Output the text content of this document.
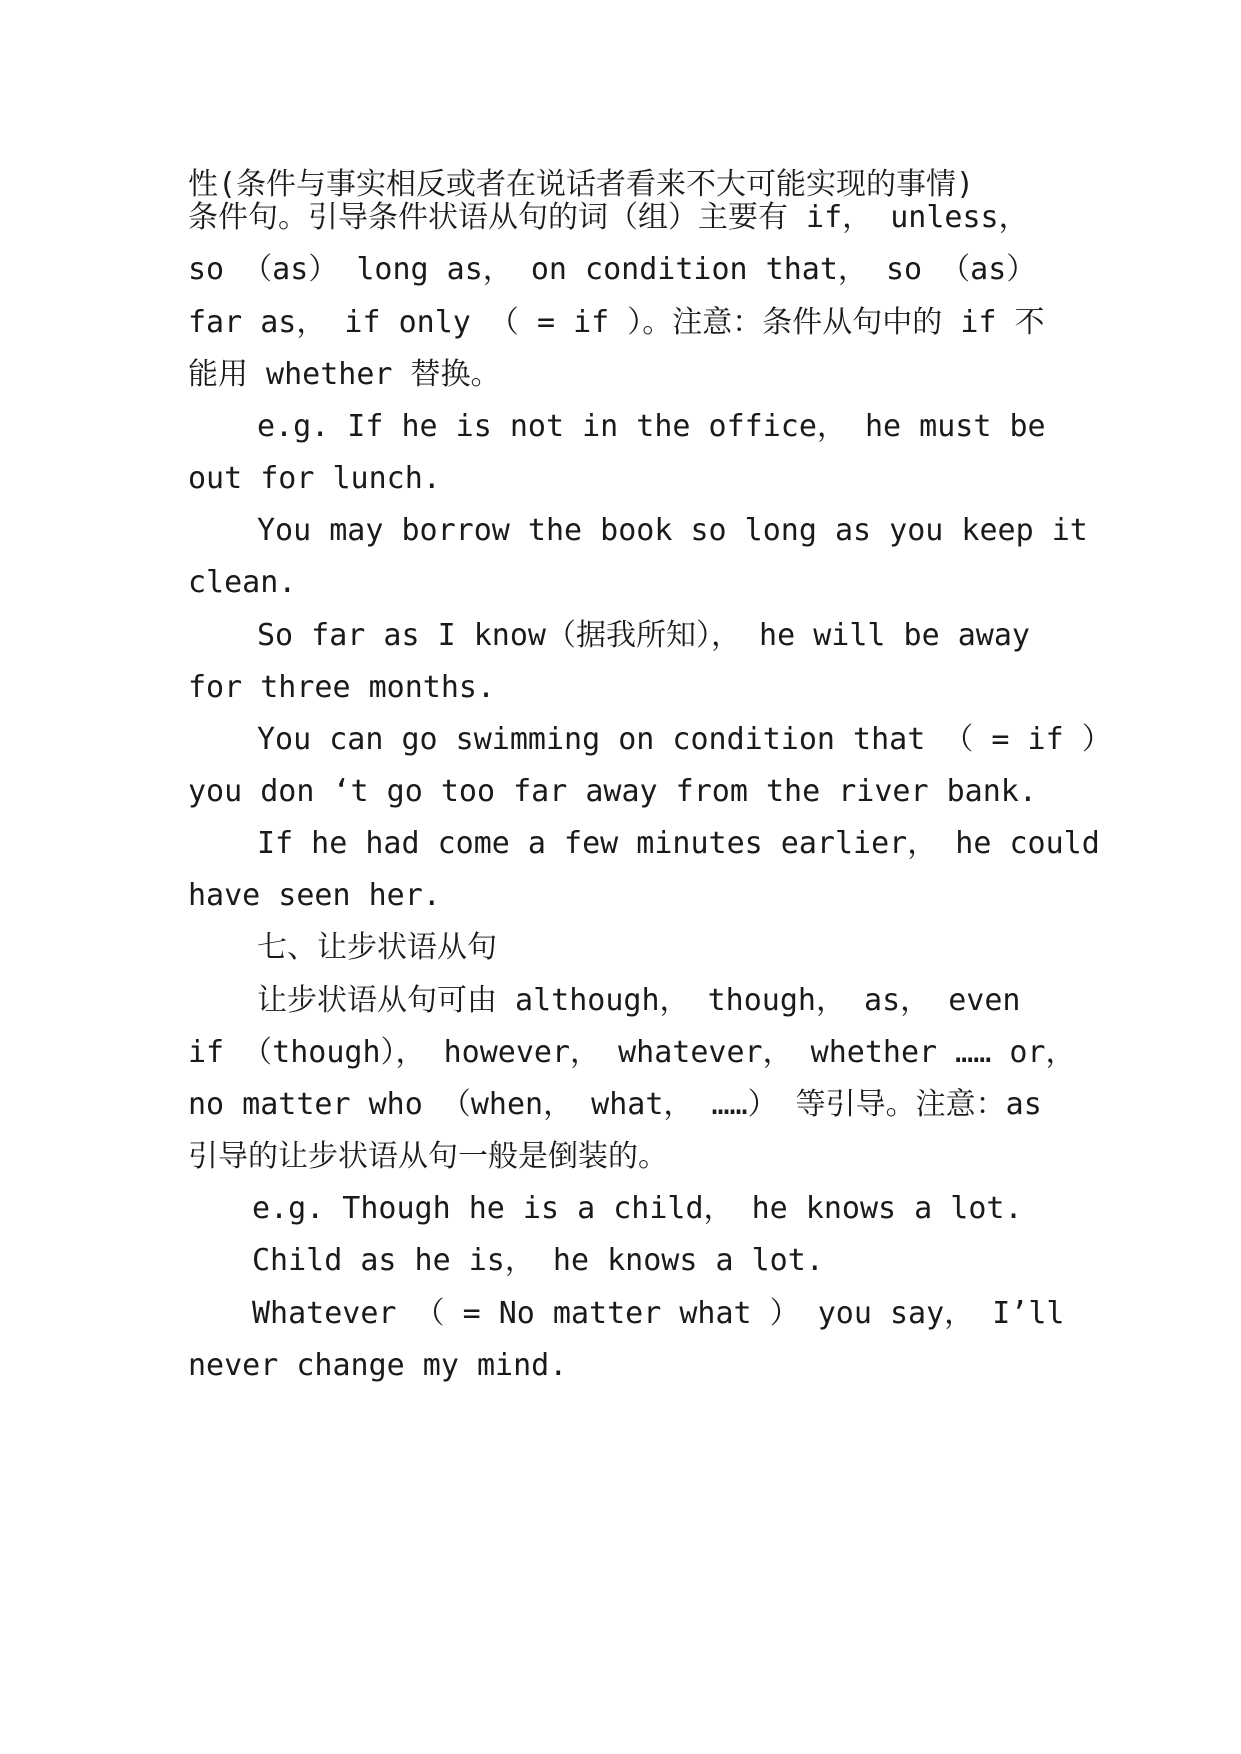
性(条件与事实相反或者在说话者看来不大可能实现的事情)
条件句。引导条件状语从句的词（组）主要有 if， unless，
so （as） long as， on condition that， so （as）
far as， if only （ = if ）。注意：条件从句中的 if 不
能用 whether 替换。
e.g. If he is not in the office， he must be
out for lunch.
You may borrow the book so long as you keep it
clean.
So far as I know（据我所知）， he will be away
for three months.
You can go swimming on condition that （ = if ）
you don ‘t go too far away from the river bank.
If he had come a few minutes earlier， he could
have seen her.
七、让步状语从句
让步状语从句可由 although， though， as， even
if （though）， however， whatever， whether …… or，
no matter who （when， what， ……） 等引导。注意：as
引导的让步状语从句一般是倒装的。
e.g. Though he is a child， he knows a lot.
Child as he is， he knows a lot.
Whatever （ = No matter what ） you say， I’ll
never change my mind.
